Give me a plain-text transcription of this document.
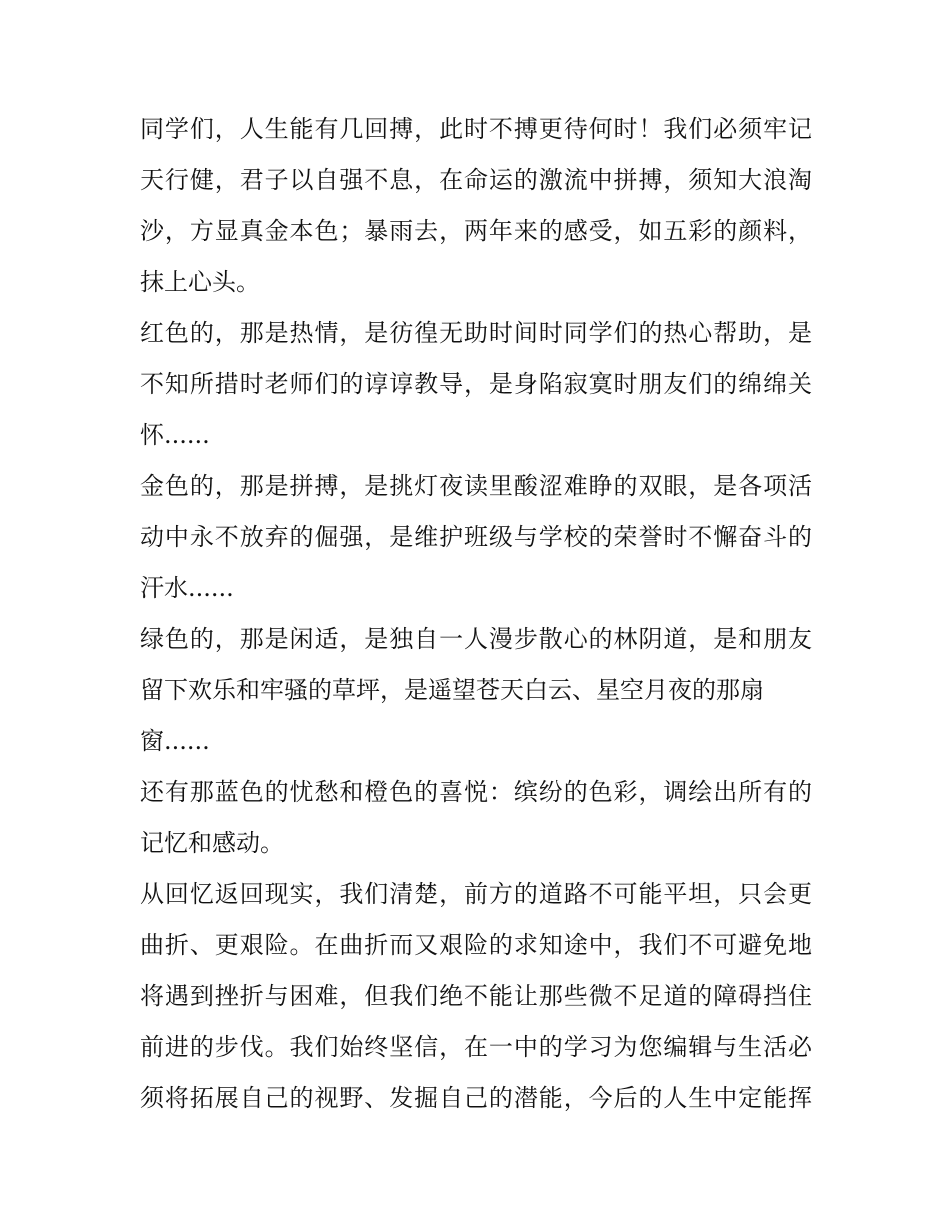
同学们，人生能有几回搏，此时不搏更待何时！我们必须牢记
天行健，君子以自强不息，在命运的激流中拼搏，须知大浪淘
沙，方显真金本色；暴雨去，两年来的感受，如五彩的颜料，
抹上心头。
红色的，那是热情，是彷徨无助时间时同学们的热心帮助，是
不知所措时老师们的谆谆教导，是身陷寂寞时朋友们的绵绵关
怀......
金色的，那是拼搏，是挑灯夜读里酸涩难睁的双眼，是各项活
动中永不放弃的倔强，是维护班级与学校的荣誉时不懈奋斗的
汗水......
绿色的，那是闲适，是独自一人漫步散心的林阴道，是和朋友
留下欢乐和牢骚的草坪，是遥望苍天白云、星空月夜的那扇
窗......
还有那蓝色的忧愁和橙色的喜悦：缤纷的色彩，调绘出所有的
记忆和感动。
从回忆返回现实，我们清楚，前方的道路不可能平坦，只会更
曲折、更艰险。在曲折而又艰险的求知途中，我们不可避免地
将遇到挫折与困难，但我们绝不能让那些微不足道的障碍挡住
前进的步伐。我们始终坚信，在一中的学习为您编辑与生活必
须将拓展自己的视野、发掘自己的潜能，今后的人生中定能挥
